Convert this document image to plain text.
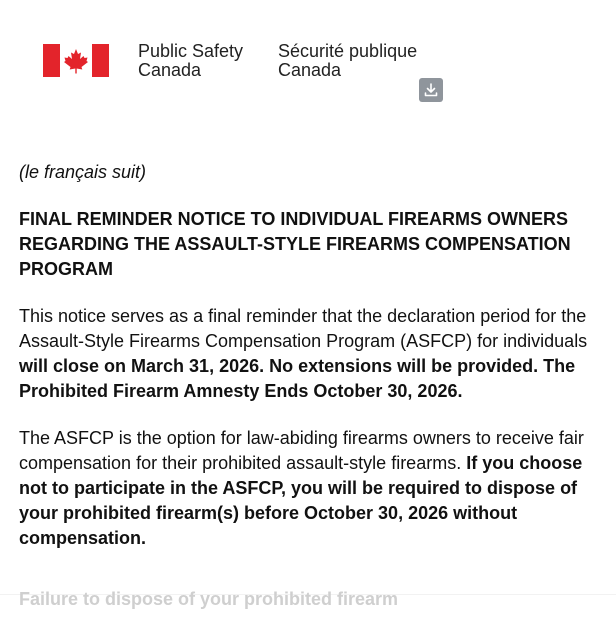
Public Safety
Canada
Sécurité publique
Canada

(le français suit)

FINAL REMINDER NOTICE TO INDIVIDUAL FIREARMS OWNERS REGARDING THE ASSAULT-STYLE FIREARMS COMPENSATION PROGRAM

This notice serves as a final reminder that the declaration period for the Assault-Style Firearms Compensation Program (ASFCP) for individuals will close on March 31, 2026. No extensions will be provided. The Prohibited Firearm Amnesty Ends October 30, 2026.

The ASFCP is the option for law-abiding firearms owners to receive fair compensation for their prohibited assault-style firearms. If you choose not to participate in the ASFCP, you will be required to dispose of your prohibited firearm(s) before October 30, 2026 without compensation.

Failure to dispose of your prohibited firearm
